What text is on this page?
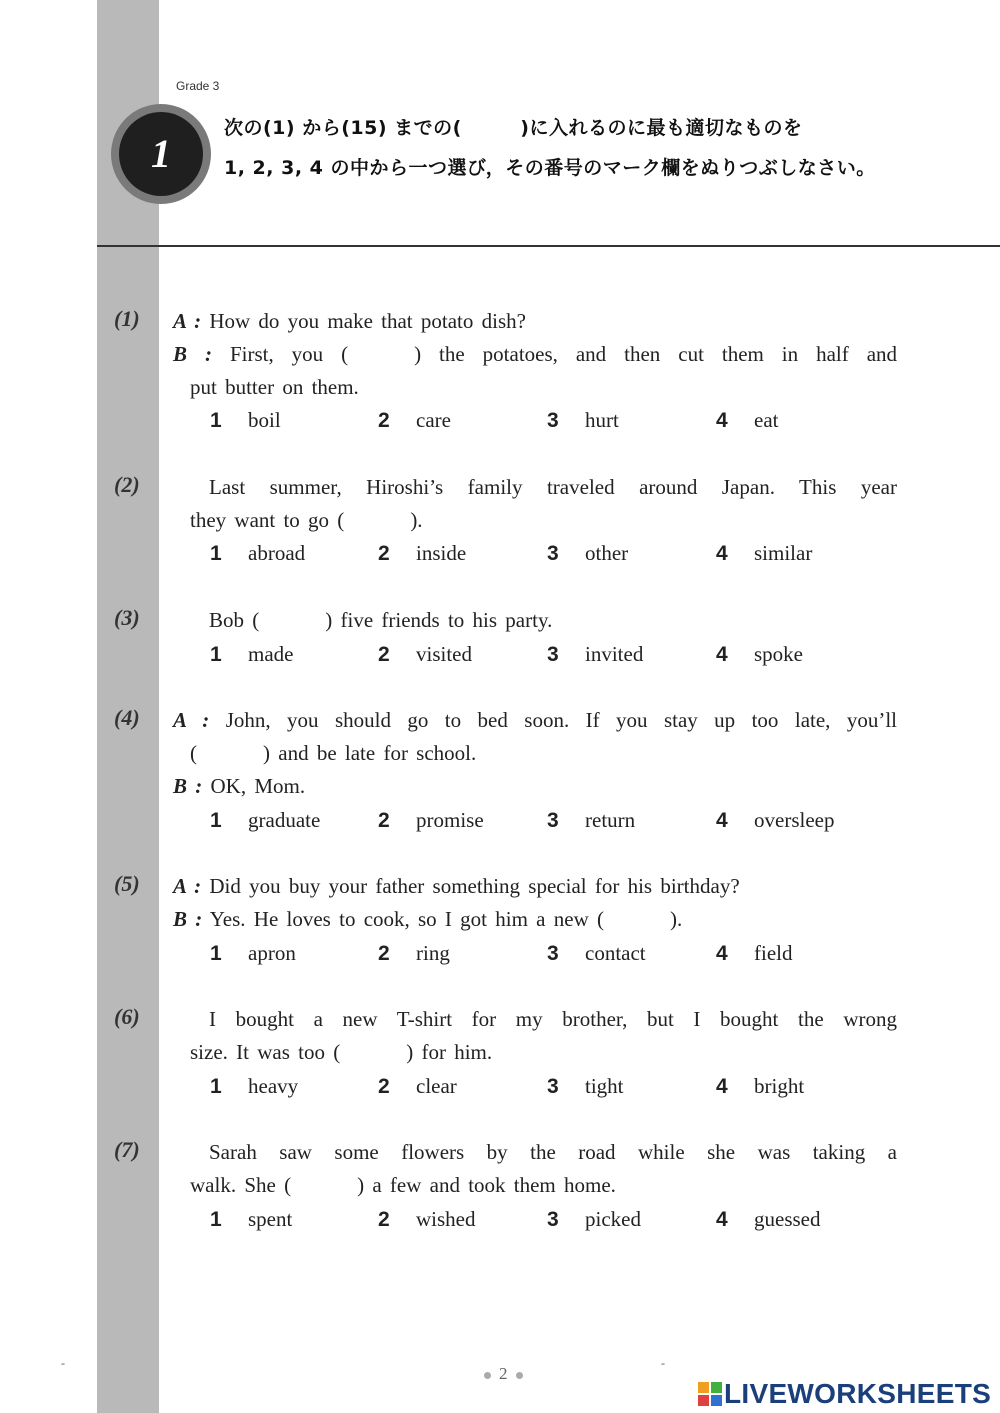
Grade 3
1
次の(1) から(15) までの(　　　)に入れるのに最も適切なものを
1, 2, 3, 4 の中から一つ選び，その番号のマーク欄をぬりつぶしなさい。
(1) A : How do you make that potato dish?
B : First, you (	) the potatoes, and then cut them in half and
put butter on them.
1 boil	2 care	3 hurt	4 eat
(2)	Last summer, Hiroshi’s family traveled around Japan. This year
they want to go (	).
1 abroad	2 inside	3 other	4 similar
(3)	Bob (	) five friends to his party.
1 made	2 visited	3 invited	4 spoke
(4) A : John, you should go to bed soon. If you stay up too late, you’ll
(	) and be late for school.
B : OK, Mom.
1 graduate	2 promise	3 return	4 oversleep
(5) A : Did you buy your father something special for his birthday?
B : Yes. He loves to cook, so I got him a new (	).
1 apron	2 ring	3 contact	4 field
(6)	I bought a new T-shirt for my brother, but I bought the wrong
size. It was too (	) for him.
1 heavy	2 clear	3 tight	4 bright
(7)	Sarah saw some flowers by the road while she was taking a
walk. She (	) a few and took them home.
1 spent	2 wished	3 picked	4 guessed
-	-
2
LIVEWORKSHEETS
